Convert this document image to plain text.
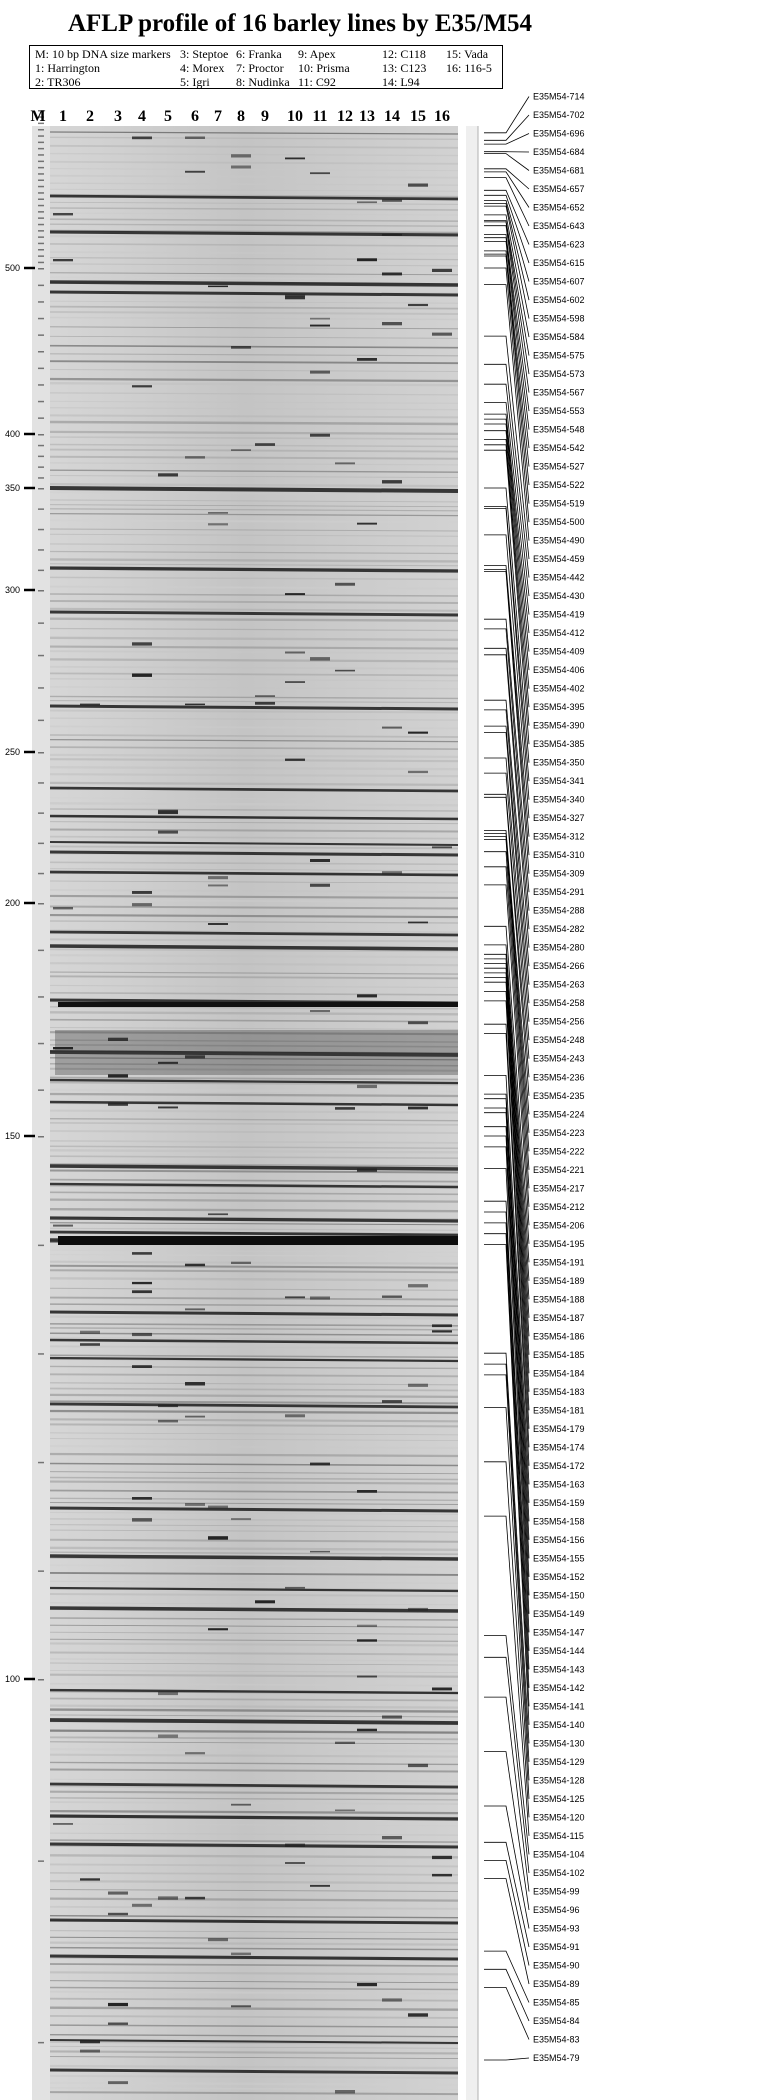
AFLP profile of 16 barley lines by E35/M54
M: 10 bp DNA size markers 3: Steptoe 6: Franka 9: Apex	12: C118 15: Vada
1: Harrington	4: Morex 7: Proctor 10: Prisma	13: C123 16: 116-5
2: TR306	5: Igri 8: Nudinka 11: C92	14: L94
M 1 2 3 4 5 6 7 8 9 10 11 12 13 14 15 16
500
400
350
300
250
200
150
100
E35M54-714
E35M54-702
E35M54-696
E35M54-684
E35M54-681
E35M54-657
E35M54-652
E35M54-643
E35M54-623
E35M54-615
E35M54-607
E35M54-602
E35M54-598
E35M54-584
E35M54-575
E35M54-573
E35M54-567
E35M54-553
E35M54-548
E35M54-542
E35M54-527
E35M54-522
E35M54-519
E35M54-500
E35M54-490
E35M54-459
E35M54-442
E35M54-430
E35M54-419
E35M54-412
E35M54-409
E35M54-406
E35M54-402
E35M54-395
E35M54-390
E35M54-385
E35M54-350
E35M54-341
E35M54-340
E35M54-327
E35M54-312
E35M54-310
E35M54-309
E35M54-291
E35M54-288
E35M54-282
E35M54-280
E35M54-266
E35M54-263
E35M54-258
E35M54-256
E35M54-248
E35M54-243
E35M54-236
E35M54-235
E35M54-224
E35M54-223
E35M54-222
E35M54-221
E35M54-217
E35M54-212
E35M54-206
E35M54-195
E35M54-191
E35M54-189
E35M54-188
E35M54-187
E35M54-186
E35M54-185
E35M54-184
E35M54-183
E35M54-181
E35M54-179
E35M54-174
E35M54-172
E35M54-163
E35M54-159
E35M54-158
E35M54-156
E35M54-155
E35M54-152
E35M54-150
E35M54-149
E35M54-147
E35M54-144
E35M54-143
E35M54-142
E35M54-141
E35M54-140
E35M54-130
E35M54-129
E35M54-128
E35M54-125
E35M54-120
E35M54-115
E35M54-104
E35M54-102
E35M54-99
E35M54-96
E35M54-93
E35M54-91
E35M54-90
E35M54-89
E35M54-85
E35M54-84
E35M54-83
E35M54-79
